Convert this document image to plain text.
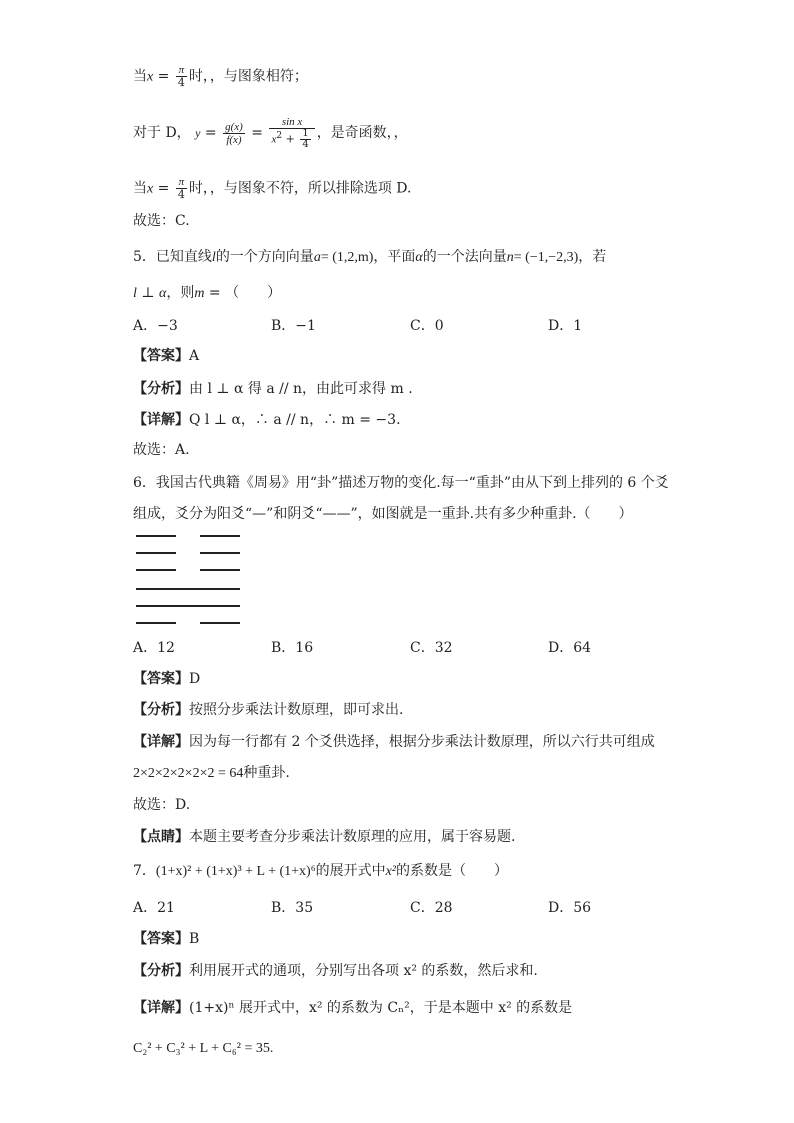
当$x = \frac{\pi}{4}$ 时，，与图象相符；
对于 D， $y = \frac{g(x)}{f(x)} = \frac{\text{sin x}}{x^2 + \frac{1}{4}}$ ，是奇函数，，
当$x = \frac{\pi}{4}$ 时，，与图象不符，所以排除选项 D.
故选：C.
5．已知直线l的一个方向向量a= (1,2,m)，平面α的一个法向量n= (−1,−2,3)，若
l ⊥ α，则m = （　　）
A．−3	B．−1	C．0	D．1
【答案】A
【分析】由 l ⊥ α 得 a // n，由此可求得 m .
【详解】Q l ⊥ α，∴ a // n，∴ m = −3.
故选：A.
6．我国古代典籍《周易》用“卦”描述万物的变化.每一“重卦”由从下到上排列的 6 个爻
组成，爻分为阳爻“—”和阴爻“——”，如图就是一重卦.共有多少种重卦.（　　）
A．12	B．16	C．32	D．64
【答案】D
【分析】按照分步乘法计数原理，即可求出.
【详解】因为每一行都有 2 个爻供选择，根据分步乘法计数原理，所以六行共可组成
2×2×2×2×2×2 = 64种重卦.
故选：D.
【点睛】本题主要考查分步乘法计数原理的应用，属于容易题.
7．(1+x)² + (1+x)³ + L + (1+x)⁶的展开式中x²的系数是（　　）
A．21	B．35	C．28	D．56
【答案】B
【分析】利用展开式的通项，分别写出各项 x² 的系数，然后求和.
【详解】(1+x)ⁿ 展开式中，x² 的系数为 Cₙ²，于是本题中 x² 的系数是
C₂² + C₃² + L + C₆² = 35.
